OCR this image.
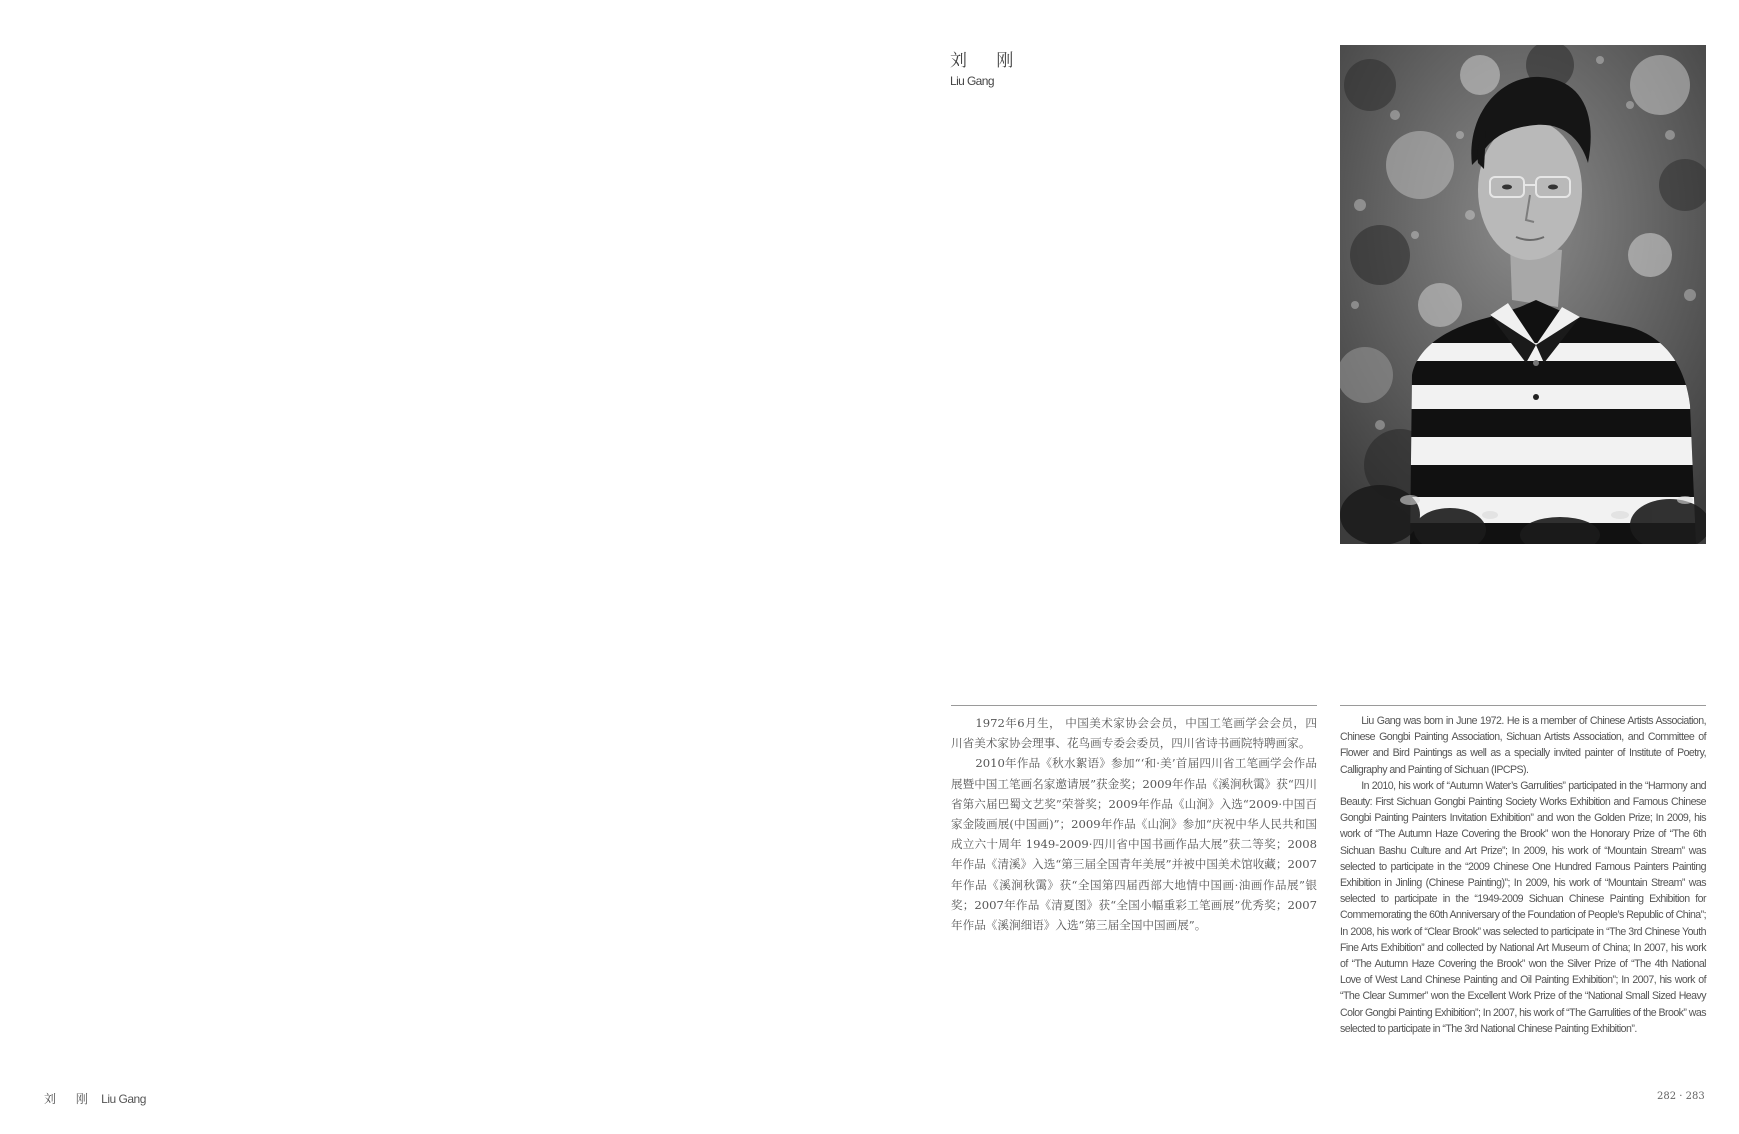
刘 刚
Liu Gang

1972年6月生， 中国美术家协会会员，中国工笔画学会会员，四川省美术家协会理事、花鸟画专委会委员，四川省诗书画院特聘画家。

2010年作品《秋水絮语》参加“‘和·美’首届四川省工笔画学会作品展暨中国工笔画名家邀请展”获金奖；2009年作品《溪涧秋霭》获“四川省第六届巴蜀文艺奖”荣誉奖；2009年作品《山涧》入选“2009·中国百家金陵画展(中国画)”；2009年作品《山涧》参加“庆祝中华人民共和国成立六十周年 1949-2009·四川省中国书画作品大展”获二等奖；2008年作品《清溪》入选“第三届全国青年美展”并被中国美术馆收藏；2007年作品《溪涧秋霭》获“全国第四届西部大地情中国画·油画作品展”银奖；2007年作品《清夏图》获“全国小幅重彩工笔画展”优秀奖；2007年作品《溪涧细语》入选“第三届全国中国画展”。

Liu Gang was born in June 1972. He is a member of Chinese Artists Association, Chinese Gongbi Painting Association, Sichuan Artists Association, and Committee of Flower and Bird Paintings as well as a specially invited painter of Institute of Poetry, Calligraphy and Painting of Sichuan (IPCPS).

In 2010, his work of “Autumn Water’s Garrulities” participated in the “Harmony and Beauty: First Sichuan Gongbi Painting Society Works Exhibition and Famous Chinese Gongbi Painting Painters Invitation Exhibition” and won the Golden Prize; In 2009, his work of “The Autumn Haze Covering the Brook” won the Honorary Prize of “The 6th Sichuan Bashu Culture and Art Prize”; In 2009, his work of “Mountain Stream” was selected to participate in the “2009 Chinese One Hundred Famous Painters Painting Exhibition in Jinling (Chinese Painting)”; In 2009, his work of “Mountain Stream” was selected to participate in the “1949-2009 Sichuan Chinese Painting Exhibition for Commemorating the 60th Anniversary of the Foundation of People’s Republic of China”; In 2008, his work of “Clear Brook” was selected to participate in “The 3rd Chinese Youth Fine Arts Exhibition” and collected by National Art Museum of China; In 2007, his work of “The Autumn Haze Covering the Brook” won the Silver Prize of “The 4th National Love of West Land Chinese Painting and Oil Painting Exhibition”; In 2007, his work of “The Clear Summer” won the Excellent Work Prize of the “National Small Sized Heavy Color Gongbi Painting Exhibition”; In 2007, his work of “The Garrulities of the Brook” was selected to participate in “The 3rd National Chinese Painting Exhibition”.

刘 刚 Liu Gang	282 · 283
